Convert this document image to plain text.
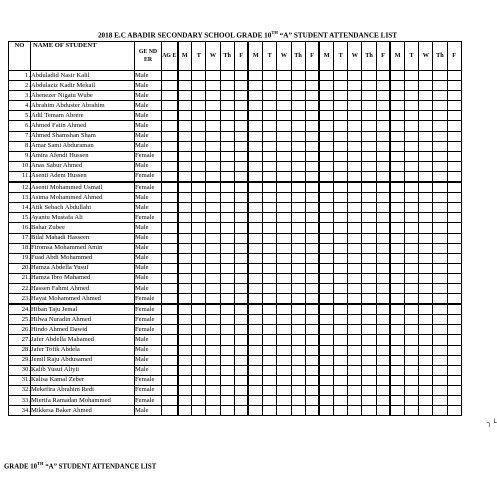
2018 E.C ABADIR SECONDARY SCHOOL GRADE 10TH “A” STUDENT ATTENDANCE LIST
NO	NAME OF STUDENT	GE ND ER	AG E	M	T	W	Th	F	M	T	W	Th	F	M	T	W	Th	F	M	T	W	Th	F
1.	Abduladid Nasir Kalil	Male																					
2.	Abdulaziz Kadir Mekail	Male																					
3.	Abenezer Nigatu Wube	Male																					
4.	Abrahim Abduster Abrahim	Male																					
5.	Adil Temam Abrere	Male																					
6.	Ahmed Fatin Ahmed	Male																					
7.	Ahmed Shamshan Sham	Male																					
8.	Amar Sami Abduraman	Male																					
9.	Amira Afendi Hussen	Female																					
10.	Anas Sabur Ahmed	Male																					
11.	Asenti Adem Hussen	Female																					
12.	Asenti Mohammed Usmail	Female																					
13.	Asima Mohammed Ahmed	Male																					
14.	Atik Sebach Abdullahi	Male																					
15.	Ayantu Mustafa Ali	Female																					
16.	Bahar Zubee	Male																					
17.	Bilal Mahadi Hasseen	Male																					
18.	Firomsa Mohammed Amin	Male																					
19.	Fuad Abdi Mohammed	Male																					
20.	Hamza Abdella Yusuf	Male																					
21.	Hamza Ibro Mahamed	Male																					
22.	Hassen Fahmi Ahmed	Male																					
23.	Hayat Mohammed Ahmed	Female																					
24.	Hiban Taju Jemal	Female																					
25.	Hilwa Nuradin Ahmed	Female																					
26.	Hindo Ahmed Dawid	Female																					
27.	Jafer Abdella Mahamed	Male																					
28.	Jafer Tofik Abdela	Male																					
29.	Jemil Raju Abdusamed	Male																					
30.	Kalib Yusuf Aliyii	Male																					
31.	Kalisa Kamal Zeber	Female																					
32.	Mekefira Abrahim Redi	Female																					
33.	Mierifa Ramadan Mohammed	Female																					
34.	Mikkesa Baker Ahmed	Male																					
┐└
GRADE 10TH “A” STUDENT ATTENDANCE LIST
